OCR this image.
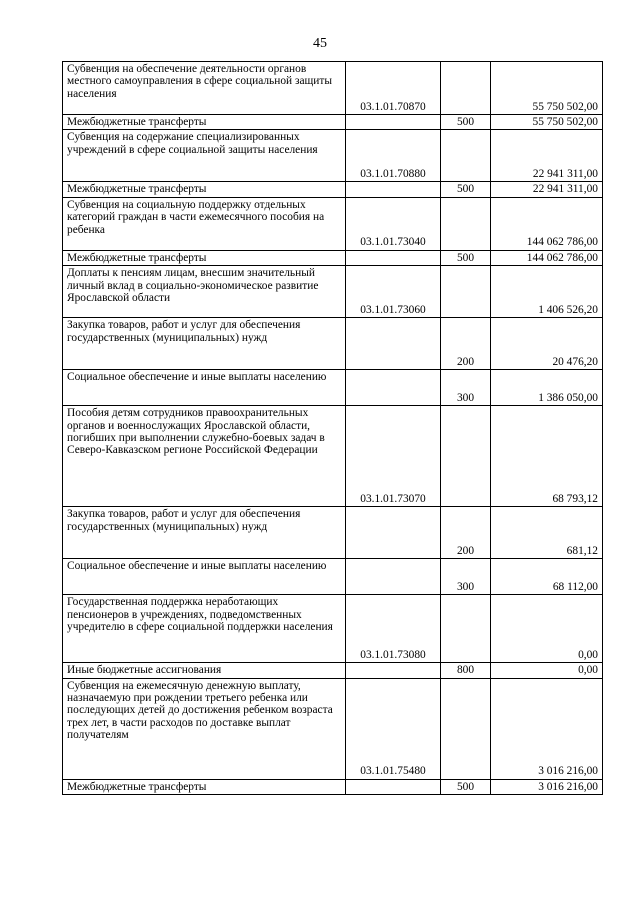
45
Субвенция на обеспечение деятельности органов местного самоуправления в сфере социальной защиты населения	03.1.01.70870		55 750 502,00
Межбюджетные трансферты		500	55 750 502,00
Субвенция на содержание специализированных учреждений в сфере социальной защиты населения	03.1.01.70880		22 941 311,00
Межбюджетные трансферты		500	22 941 311,00
Субвенция на социальную поддержку отдельных категорий граждан в части ежемесячного пособия на ребенка	03.1.01.73040		144 062 786,00
Межбюджетные трансферты		500	144 062 786,00
Доплаты к пенсиям лицам, внесшим значительный личный вклад в социально-экономическое развитие Ярославской области	03.1.01.73060		1 406 526,20
Закупка товаров, работ и услуг для обеспечения государственных (муниципальных) нужд		200	20 476,20
Социальное обеспечение и иные выплаты населению		300	1 386 050,00
Пособия детям сотрудников правоохранительных органов и военнослужащих Ярославской области, погибших при выполнении служебно-боевых задач в Северо-Кавказском регионе Российской Федерации	03.1.01.73070		68 793,12
Закупка товаров, работ и услуг для обеспечения государственных (муниципальных) нужд		200	681,12
Социальное обеспечение и иные выплаты населению		300	68 112,00
Государственная поддержка неработающих пенсионеров в учреждениях, подведомственных учредителю в сфере социальной поддержки населения	03.1.01.73080		0,00
Иные бюджетные ассигнования		800	0,00
Субвенция на ежемесячную денежную выплату, назначаемую при рождении третьего ребенка или последующих детей до достижения ребенком возраста трех лет, в части расходов по доставке выплат получателям	03.1.01.75480		3 016 216,00
Межбюджетные трансферты		500	3 016 216,00
